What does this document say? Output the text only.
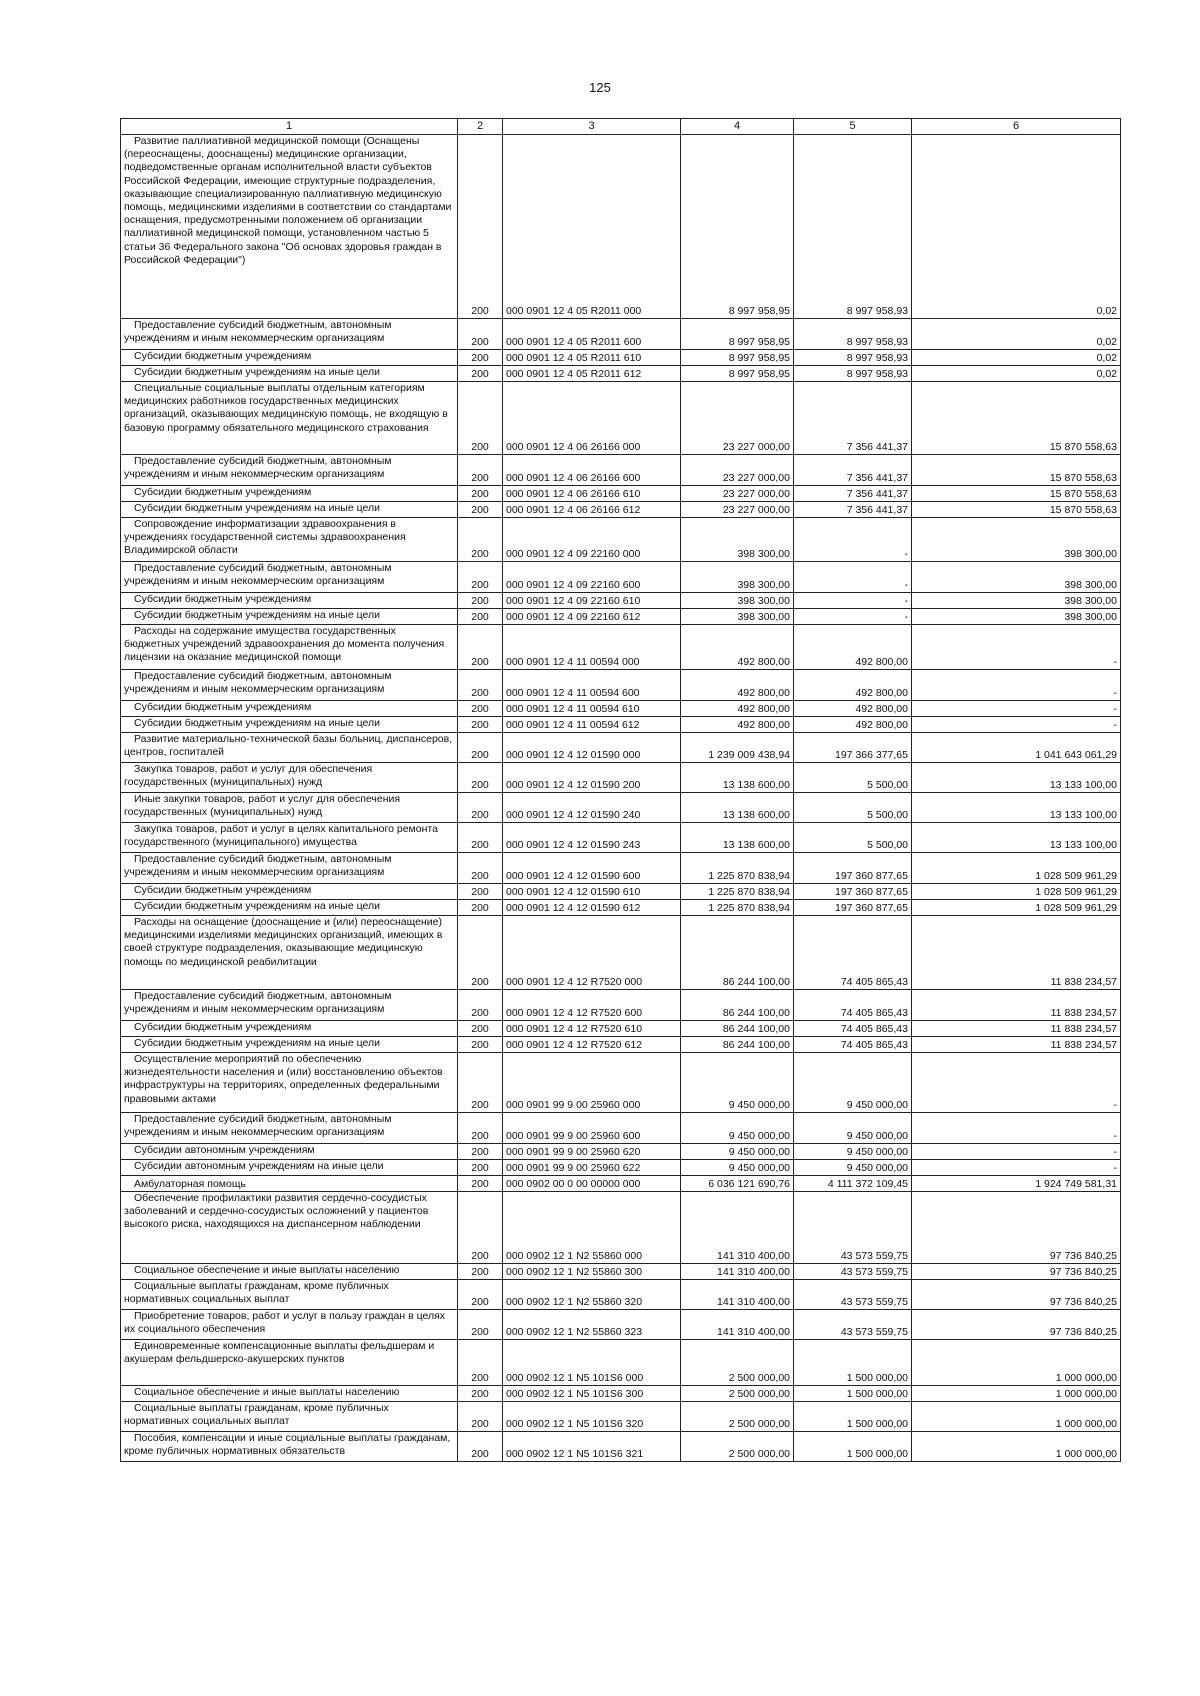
125
1	2	3	4	5	6

Развитие паллиативной медицинской помощи (Оснащены (переоснащены, дооснащены) медицинские организации, подведомственные органам исполнительной власти субъектов Российской Федерации, имеющие структурные подразделения, оказывающие специализированную паллиативную медицинскую помощь, медицинскими изделиями в соответствии со стандартами оснащения, предусмотренными положением об организации паллиативной медицинской помощи, установленном частью 5 статьи 36 Федерального закона "Об основах здоровья граждан в Российской Федерации")	200	000 0901 12 4 05 R2011 000	8 997 958,95	8 997 958,93	0,02

Предоставление субсидий бюджетным, автономным учреждениям и иным некоммерческим организациям	200	000 0901 12 4 05 R2011 600	8 997 958,95	8 997 958,93	0,02

Субсидии бюджетным учреждениям	200	000 0901 12 4 05 R2011 610	8 997 958,95	8 997 958,93	0,02

Субсидии бюджетным учреждениям на иные цели	200	000 0901 12 4 05 R2011 612	8 997 958,95	8 997 958,93	0,02

Специальные социальные выплаты отдельным категориям медицинских работников государственных медицинских организаций, оказывающих медицинскую помощь, не входящую в базовую программу обязательного медицинского страхования	200	000 0901 12 4 06 26166 000	23 227 000,00	7 356 441,37	15 870 558,63

Предоставление субсидий бюджетным, автономным учреждениям и иным некоммерческим организациям	200	000 0901 12 4 06 26166 600	23 227 000,00	7 356 441,37	15 870 558,63

Субсидии бюджетным учреждениям	200	000 0901 12 4 06 26166 610	23 227 000,00	7 356 441,37	15 870 558,63

Субсидии бюджетным учреждениям на иные цели	200	000 0901 12 4 06 26166 612	23 227 000,00	7 356 441,37	15 870 558,63

Сопровождение информатизации здравоохранения в учреждениях государственной системы здравоохранения Владимирской области	200	000 0901 12 4 09 22160 000	398 300,00	-	398 300,00

Предоставление субсидий бюджетным, автономным учреждениям и иным некоммерческим организациям	200	000 0901 12 4 09 22160 600	398 300,00	-	398 300,00

Субсидии бюджетным учреждениям	200	000 0901 12 4 09 22160 610	398 300,00	-	398 300,00

Субсидии бюджетным учреждениям на иные цели	200	000 0901 12 4 09 22160 612	398 300,00	-	398 300,00

Расходы на содержание имущества государственных бюджетных учреждений здравоохранения до момента получения лицензии на оказание медицинской помощи	200	000 0901 12 4 11 00594 000	492 800,00	492 800,00	-

Предоставление субсидий бюджетным, автономным учреждениям и иным некоммерческим организациям	200	000 0901 12 4 11 00594 600	492 800,00	492 800,00	-

Субсидии бюджетным учреждениям	200	000 0901 12 4 11 00594 610	492 800,00	492 800,00	-

Субсидии бюджетным учреждениям на иные цели	200	000 0901 12 4 11 00594 612	492 800,00	492 800,00	-

Развитие материально-технической базы больниц, диспансеров, центров, госпиталей	200	000 0901 12 4 12 01590 000	1 239 009 438,94	197 366 377,65	1 041 643 061,29

Закупка товаров, работ и услуг для обеспечения государственных (муниципальных) нужд	200	000 0901 12 4 12 01590 200	13 138 600,00	5 500,00	13 133 100,00

Иные закупки товаров, работ и услуг для обеспечения государственных (муниципальных) нужд	200	000 0901 12 4 12 01590 240	13 138 600,00	5 500,00	13 133 100,00

Закупка товаров, работ и услуг в целях капитального ремонта государственного (муниципального) имущества	200	000 0901 12 4 12 01590 243	13 138 600,00	5 500,00	13 133 100,00

Предоставление субсидий бюджетным, автономным учреждениям и иным некоммерческим организациям	200	000 0901 12 4 12 01590 600	1 225 870 838,94	197 360 877,65	1 028 509 961,29

Субсидии бюджетным учреждениям	200	000 0901 12 4 12 01590 610	1 225 870 838,94	197 360 877,65	1 028 509 961,29

Субсидии бюджетным учреждениям на иные цели	200	000 0901 12 4 12 01590 612	1 225 870 838,94	197 360 877,65	1 028 509 961,29

Расходы на оснащение (дооснащение и (или) переоснащение) медицинскими изделиями медицинских организаций, имеющих в своей структуре подразделения, оказывающие медицинскую помощь по медицинской реабилитации	200	000 0901 12 4 12 R7520 000	86 244 100,00	74 405 865,43	11 838 234,57

Предоставление субсидий бюджетным, автономным учреждениям и иным некоммерческим организациям	200	000 0901 12 4 12 R7520 600	86 244 100,00	74 405 865,43	11 838 234,57

Субсидии бюджетным учреждениям	200	000 0901 12 4 12 R7520 610	86 244 100,00	74 405 865,43	11 838 234,57

Субсидии бюджетным учреждениям на иные цели	200	000 0901 12 4 12 R7520 612	86 244 100,00	74 405 865,43	11 838 234,57

Осуществление мероприятий по обеспечению жизнедеятельности населения и (или) восстановлению объектов инфраструктуры на территориях, определенных федеральными правовыми актами	200	000 0901 99 9 00 25960 000	9 450 000,00	9 450 000,00	-

Предоставление субсидий бюджетным, автономным учреждениям и иным некоммерческим организациям	200	000 0901 99 9 00 25960 600	9 450 000,00	9 450 000,00	-

Субсидии автономным учреждениям	200	000 0901 99 9 00 25960 620	9 450 000,00	9 450 000,00	-

Субсидии автономным учреждениям на иные цели	200	000 0901 99 9 00 25960 622	9 450 000,00	9 450 000,00	-

Амбулаторная помощь	200	000 0902 00 0 00 00000 000	6 036 121 690,76	4 111 372 109,45	1 924 749 581,31

Обеспечение профилактики развития сердечно-сосудистых заболеваний и сердечно-сосудистых осложнений у пациентов высокого риска, находящихся на диспансерном наблюдении	200	000 0902 12 1 N2 55860 000	141 310 400,00	43 573 559,75	97 736 840,25

Социальное обеспечение и иные выплаты населению	200	000 0902 12 1 N2 55860 300	141 310 400,00	43 573 559,75	97 736 840,25

Социальные выплаты гражданам, кроме публичных нормативных социальных выплат	200	000 0902 12 1 N2 55860 320	141 310 400,00	43 573 559,75	97 736 840,25

Приобретение товаров, работ и услуг в пользу граждан в целях их социального обеспечения	200	000 0902 12 1 N2 55860 323	141 310 400,00	43 573 559,75	97 736 840,25

Единовременные компенсационные выплаты фельдшерам и акушерам фельдшерско-акушерских пунктов	200	000 0902 12 1 N5 101S6 000	2 500 000,00	1 500 000,00	1 000 000,00

Социальное обеспечение и иные выплаты населению	200	000 0902 12 1 N5 101S6 300	2 500 000,00	1 500 000,00	1 000 000,00

Социальные выплаты гражданам, кроме публичных нормативных социальных выплат	200	000 0902 12 1 N5 101S6 320	2 500 000,00	1 500 000,00	1 000 000,00

Пособия, компенсации и иные социальные выплаты гражданам, кроме публичных нормативных обязательств	200	000 0902 12 1 N5 101S6 321	2 500 000,00	1 500 000,00	1 000 000,00
